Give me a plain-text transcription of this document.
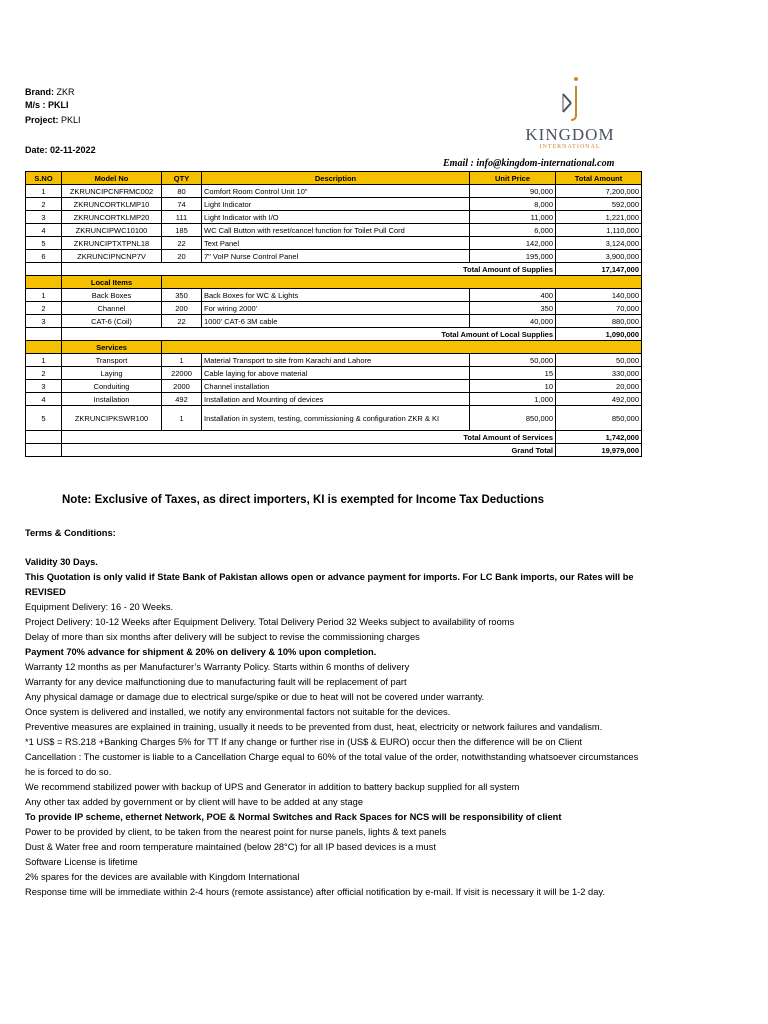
Brand: ZKR
M/s : PKLI
Project: PKLI
Date: 02-11-2022
KINGDOM
INTERNATIONAL
Email : info@kingdom-international.com
S.NO	Model No	QTY	Description	Unit Price	Total Amount
1	ZKRUNCIPCNFRMC002	80	Comfort Room Control Unit 10"	90,000	7,200,000
2	ZKRUNCORTKLMP10	74	Light Indicator	8,000	592,000
3	ZKRUNCORTKLMP20	111	Light Indicator with I/O	11,000	1,221,000
4	ZKRUNCIPWC10100	185	WC Call Button with reset/cancel function for Toilet Pull Cord	6,000	1,110,000
5	ZKRUNCIPTXTPNL18	22	Text Panel	142,000	3,124,000
6	ZKRUNCIPNCNP7V	20	7" VoIP Nurse Control Panel	195,000	3,900,000
	Total Amount of Supplies				17,147,000
	Local Items				
1	Back Boxes	350	Back Boxes for WC & Lights	400	140,000
2	Channel	200	For wiring 2000'	350	70,000
3	CAT-6 (Coil)	22	1000' CAT-6 3M cable	40,000	880,000
	Total Amount of Local Supplies				1,090,000
	Services				
1	Transport	1	Material Transport to site from Karachi and Lahore	50,000	50,000
2	Laying	22000	Cable laying for above material	15	330,000
3	Conduiting	2000	Channel installation	10	20,000
4	Installation	492	Installation and Mounting of devices	1,000	492,000
5	ZKRUNCIPKSWR100	1	Installation in system, testing, commissioning & configuration ZKR & KI	850,000	850,000
	Total Amount of Services				1,742,000
	Grand Total				19,979,000
Note: Exclusive of Taxes, as direct importers, KI is exempted for Income Tax Deductions

Terms & Conditions:

Validity 30 Days.

This Quotation is only valid if State Bank of Pakistan allows open or advance payment for imports. For LC Bank imports, our Rates will be REVISED

Equipment Delivery: 16 - 20 Weeks.

Project Delivery: 10-12 Weeks after Equipment Delivery. Total Delivery Period 32 Weeks subject to availability of rooms

Delay of more than six months after delivery will be subject to revise the commissioning charges

Payment 70% advance for shipment & 20% on delivery & 10% upon completion.

Warranty 12 months as per Manufacturer’s Warranty Policy. Starts within 6 months of delivery

Warranty for any device malfunctioning due to manufacturing fault will be replacement of part

Any physical damage or damage due to electrical surge/spike or due to heat will not be covered under warranty.

Once system is delivered and installed, we notify any environmental factors not suitable for the devices.

Preventive measures are explained in training, usually it needs to be prevented from dust, heat, electricity or network failures and vandalism.

*1 US$ = RS.218 +Banking Charges 5% for TT If any change or further rise in (US$ & EURO) occur then the difference will be on Client

Cancellation : The customer is liable to a Cancellation Charge equal to 60% of the total value of the order, notwithstanding whatsoever circumstances he is forced to do so.

We recommend stabilized power with backup of UPS and Generator in addition to battery backup supplied for all system

Any other tax added by government or by client will have to be added at any stage

To provide IP scheme, ethernet Network, POE & Normal Switches and Rack Spaces for NCS will be responsibility of client

Power to be provided by client, to be taken from the nearest point for nurse panels, lights & text panels

Dust & Water free and room temperature maintained (below 28°C) for all IP based devices is a must

Software License is lifetime

2% spares for the devices are available with Kingdom International

Response time will be immediate within 2-4 hours (remote assistance) after official notification by e-mail. If visit is necessary it will be 1-2 day.
